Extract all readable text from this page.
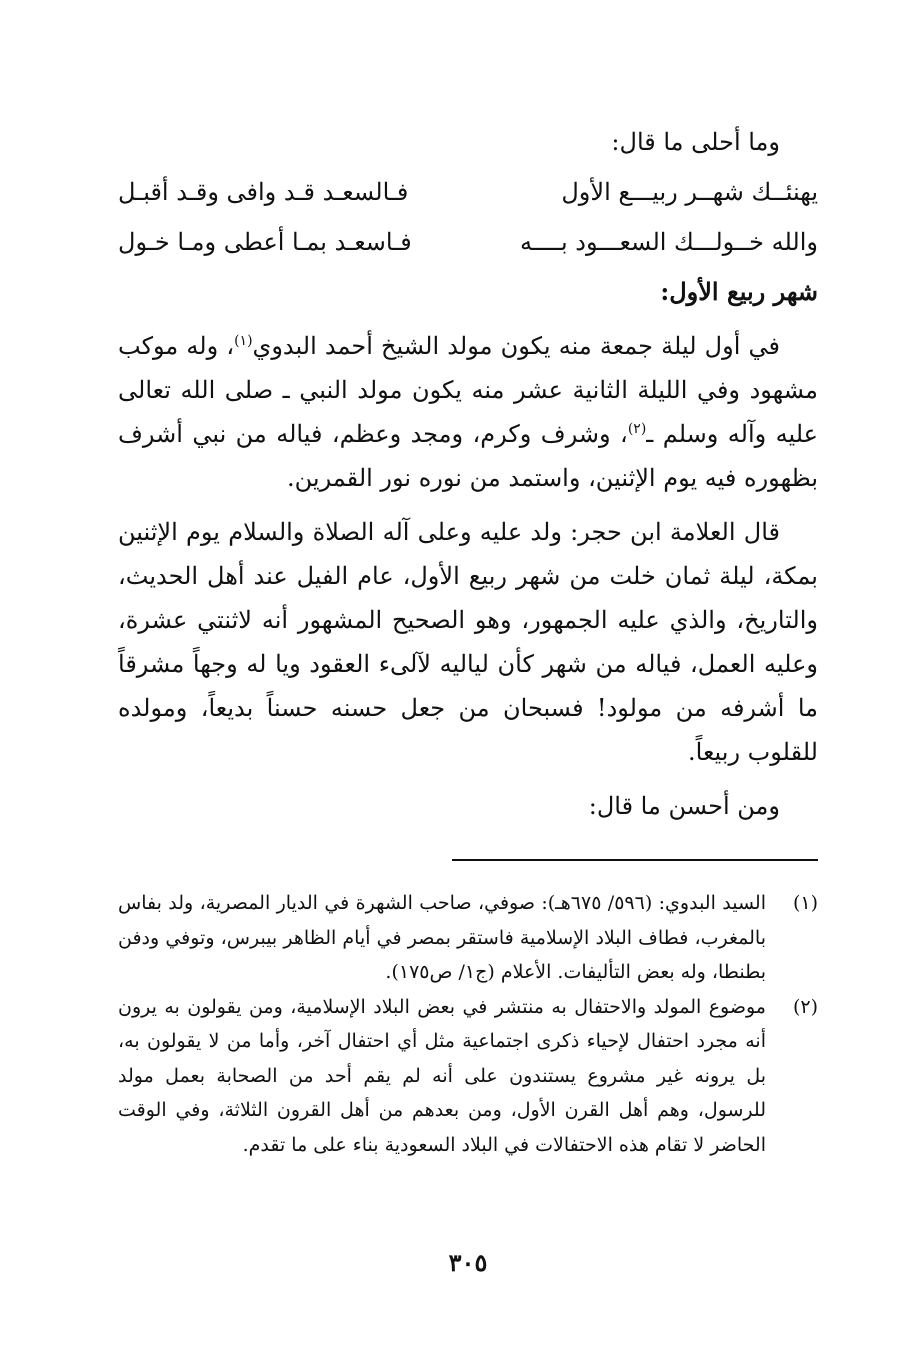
وما أحلى ما قال:

يهنئــك شهــر ربيـــع الأول
فـالسعـد قـد وافى وقـد أقبـل
والله خــولـــك السعـــود بــــه
فـاسعـد بمـا أعطى ومـا خـول
شهر ربيع الأول:

في أول ليلة جمعة منه يكون مولد الشيخ أحمد البدوي$^{(١)}$، وله موكب مشهود وفي الليلة الثانية عشر منه يكون مولد النبي ـ صلى الله تعالى عليه وآله وسلم ـ$^{(٢)}$، وشرف وكرم، ومجد وعظم، فياله من نبي أشرف بظهوره فيه يوم الإثنين، واستمد من نوره نور القمرين.

قال العلامة ابن حجر: ولد عليه وعلى آله الصلاة والسلام يوم الإثنين بمكة، ليلة ثمان خلت من شهر ربيع الأول، عام الفيل عند أهل الحديث، والتاريخ، والذي عليه الجمهور، وهو الصحيح المشهور أنه لاثنتي عشرة، وعليه العمل، فياله من شهر كأن لياليه لآلىء العقود ويا له وجهاً مشرقاً ما أشرفه من مولود! فسبحان من جعل حسنه حسناً بديعاً، ومولده للقلوب ربيعاً.

ومن أحسن ما قال:

(١)
السيد البدوي: (٥٩٦/ ٦٧٥هـ): صوفي، صاحب الشهرة في الديار المصرية، ولد بفاس بالمغرب، فطاف البلاد الإسلامية فاستقر بمصر في أيام الظاهر بيبرس، وتوفي ودفن بطنطا، وله بعض التأليفات. الأعلام (ج١/ ص١٧٥).
(٢)
موضوع المولد والاحتفال به منتشر في بعض البلاد الإسلامية، ومن يقولون به يرون أنه مجرد احتفال لإحياء ذكرى اجتماعية مثل أي احتفال آخر، وأما من لا يقولون به، بل يرونه غير مشروع يستندون على أنه لم يقم أحد من الصحابة بعمل مولد للرسول، وهم أهل القرن الأول، ومن بعدهم من أهل القرون الثلاثة، وفي الوقت الحاضر لا تقام هذه الاحتفالات في البلاد السعودية بناء على ما تقدم.
٣٠٥
